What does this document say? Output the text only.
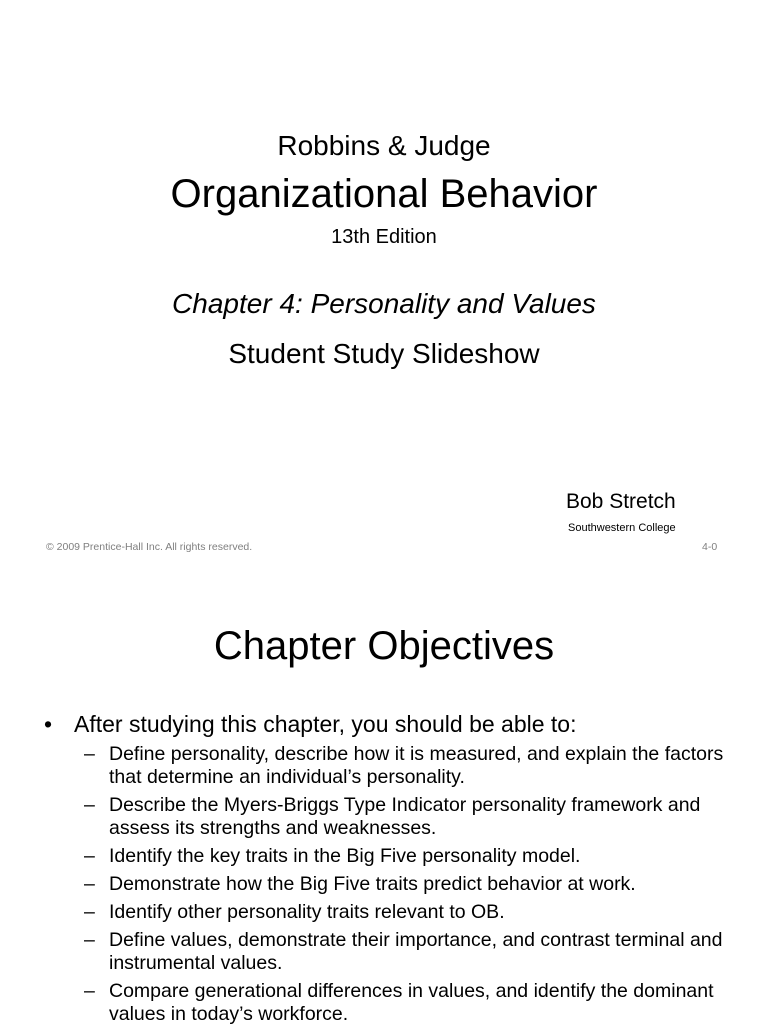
Robbins & Judge
Organizational Behavior
13th Edition
Chapter 4: Personality and Values
Student Study Slideshow
Bob Stretch
Southwestern College
© 2009 Prentice-Hall Inc. All rights reserved.	4-0
Chapter Objectives
• After studying this chapter, you should be able to:
– Define personality, describe how it is measured, and explain the factors that determine an individual’s personality.
– Describe the Myers-Briggs Type Indicator personality framework and assess its strengths and weaknesses.
– Identify the key traits in the Big Five personality model.
– Demonstrate how the Big Five traits predict behavior at work.
– Identify other personality traits relevant to OB.
– Define values, demonstrate their importance, and contrast terminal and instrumental values.
– Compare generational differences in values, and identify the dominant values in today’s workforce.
